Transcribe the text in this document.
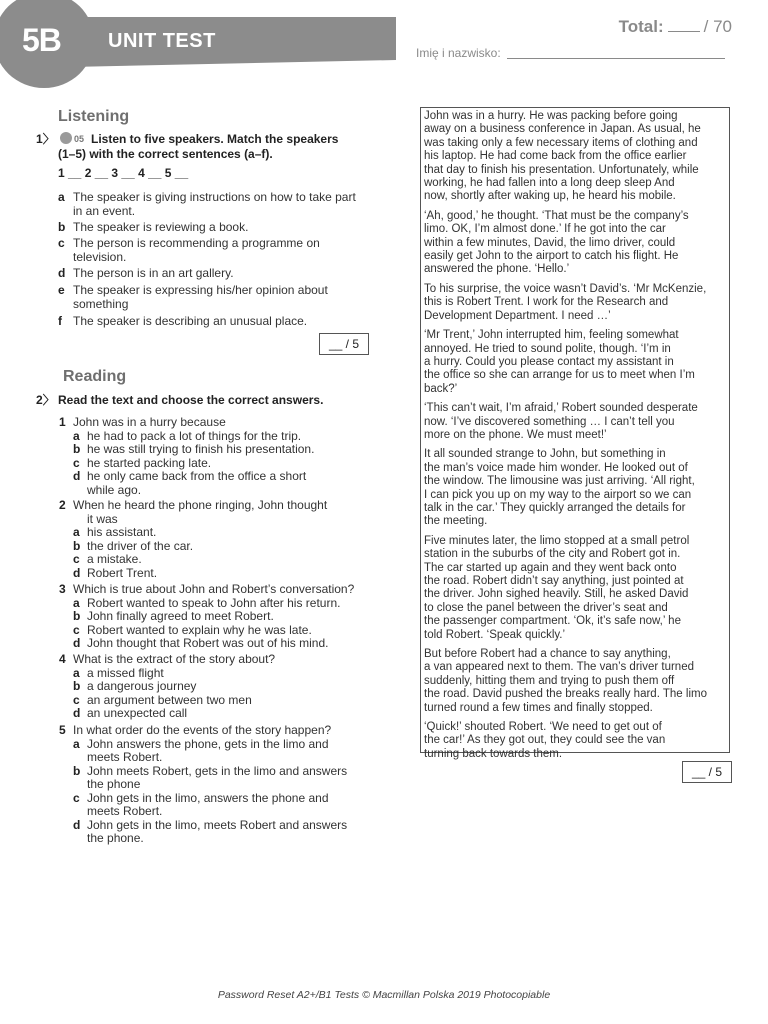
5B UNIT TEST
Total: / 70
Imię i nazwisko:
Listening
1〉 05 Listen to five speakers. Match the speakers
(1–5) with the correct sentences (a–f).
1 __ 2 __ 3 __ 4 __ 5 __
a The speaker is giving instructions on how to take part
in an event.
b The speaker is reviewing a book.
c The person is recommending a programme on
television.
d The person is in an art gallery.
e The speaker is expressing his/her opinion about
something
f The speaker is describing an unusual place.
__ / 5
Reading
2〉 Read the text and choose the correct answers.
1 John was in a hurry because
a he had to pack a lot of things for the trip.
b he was still trying to finish his presentation.
c he started packing late.
d he only came back from the office a short
while ago.
2 When he heard the phone ringing, John thought
it was
a his assistant.
b the driver of the car.
c a mistake.
d Robert Trent.
3 Which is true about John and Robert’s conversation?
a Robert wanted to speak to John after his return.
b John finally agreed to meet Robert.
c Robert wanted to explain why he was late.
d John thought that Robert was out of his mind.
4 What is the extract of the story about?
a a missed flight
b a dangerous journey
c an argument between two men
d an unexpected call
5 In what order do the events of the story happen?
a John answers the phone, gets in the limo and
meets Robert.
b John meets Robert, gets in the limo and answers
the phone
c John gets in the limo, answers the phone and
meets Robert.
d John gets in the limo, meets Robert and answers
the phone.

John was in a hurry. He was packing before going
away on a business conference in Japan. As usual, he
was taking only a few necessary items of clothing and
his laptop. He had come back from the office earlier
that day to finish his presentation. Unfortunately, while
working, he had fallen into a long deep sleep And
now, shortly after waking up, he heard his mobile.

‘Ah, good,’ he thought. ‘That must be the company’s
limo. OK, I’m almost done.’ If he got into the car
within a few minutes, David, the limo driver, could
easily get John to the airport to catch his flight. He
answered the phone. ‘Hello.’

To his surprise, the voice wasn’t David’s. ‘Mr McKenzie,
this is Robert Trent. I work for the Research and
Development Department. I need …’

‘Mr Trent,’ John interrupted him, feeling somewhat
annoyed. He tried to sound polite, though. ‘I’m in
a hurry. Could you please contact my assistant in
the office so she can arrange for us to meet when I’m
back?’

‘This can’t wait, I’m afraid,’ Robert sounded desperate
now. ‘I’ve discovered something … I can’t tell you
more on the phone. We must meet!’

It all sounded strange to John, but something in
the man’s voice made him wonder. He looked out of
the window. The limousine was just arriving. ‘All right,
I can pick you up on my way to the airport so we can
talk in the car.’ They quickly arranged the details for
the meeting.

Five minutes later, the limo stopped at a small petrol
station in the suburbs of the city and Robert got in.
The car started up again and they went back onto
the road. Robert didn’t say anything, just pointed at
the driver. John sighed heavily. Still, he asked David
to close the panel between the driver’s seat and
the passenger compartment. ‘Ok, it’s safe now,’ he
told Robert. ‘Speak quickly.’

But before Robert had a chance to say anything,
a van appeared next to them. The van’s driver turned
suddenly, hitting them and trying to push them off
the road. David pushed the breaks really hard. The limo
turned round a few times and finally stopped.

‘Quick!’ shouted Robert. ‘We need to get out of
the car!’ As they got out, they could see the van
turning back towards them.

__ / 5
Password Reset A2+/B1 Tests © Macmillan Polska 2019 Photocopiable
